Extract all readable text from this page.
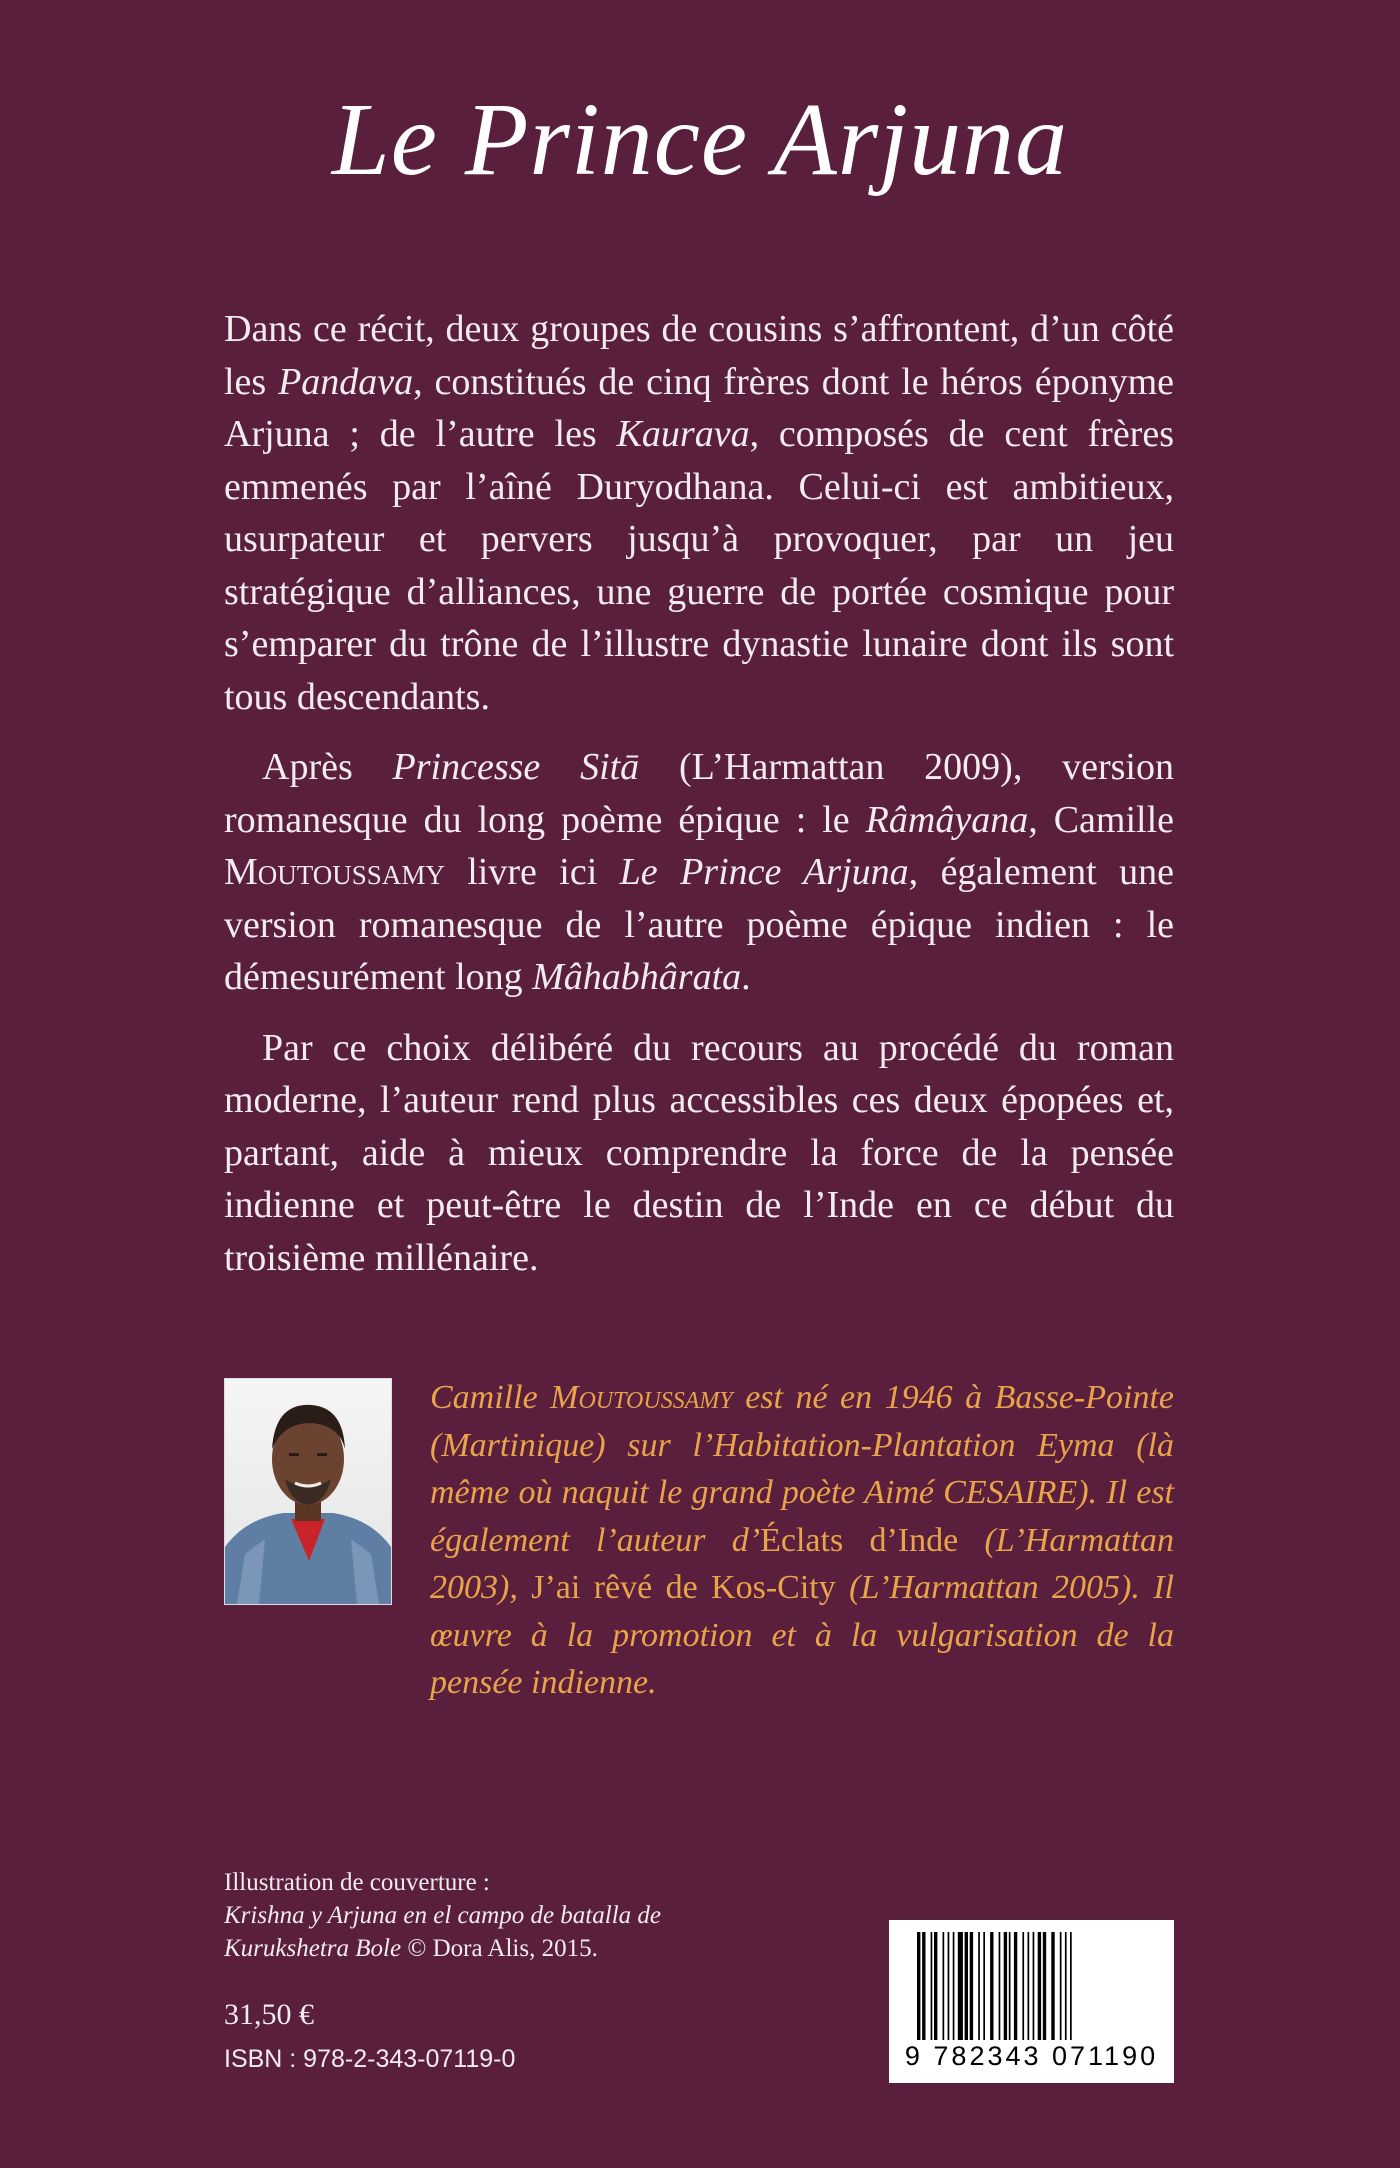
Le Prince Arjuna

Dans ce récit, deux groupes de cousins s’affrontent, d’un côté les Pandava, constitués de cinq frères dont le héros éponyme Arjuna ; de l’autre les Kaurava, composés de cent frères emmenés par l’aîné Duryodhana. Celui-ci est ambitieux, usurpateur et pervers jusqu’à provoquer, par un jeu stratégique d’alliances, une guerre de portée cosmique pour s’emparer du trône de l’illustre dynastie lunaire dont ils sont tous descendants.

Après Princesse Sitā (L’Harmattan 2009), version romanesque du long poème épique : le Râmâyana, Camille Moutoussamy livre ici Le Prince Arjuna, également une version romanesque de l’autre poème épique indien : le démesurément long Mâhabhârata.

Par ce choix délibéré du recours au procédé du roman moderne, l’auteur rend plus accessibles ces deux épopées et, partant, aide à mieux comprendre la force de la pensée indienne et peut-être le destin de l’Inde en ce début du troisième millénaire.

Camille Moutoussamy est né en 1946 à Basse-Pointe (Martinique) sur l’Habitation-Plantation Eyma (là même où naquit le grand poète Aimé CESAIRE). Il est également l’auteur d’Éclats d’Inde (L’Harmattan 2003), J’ai rêvé de Kos-City (L’Harmattan 2005). Il œuvre à la promotion et à la vulgarisation de la pensée indienne.
Illustration de couverture :
Krishna y Arjuna en el campo de batalla de Kurukshetra Bole © Dora Alis, 2015.
31,50 €
ISBN : 978-2-343-07119-0	9 782343 071190
